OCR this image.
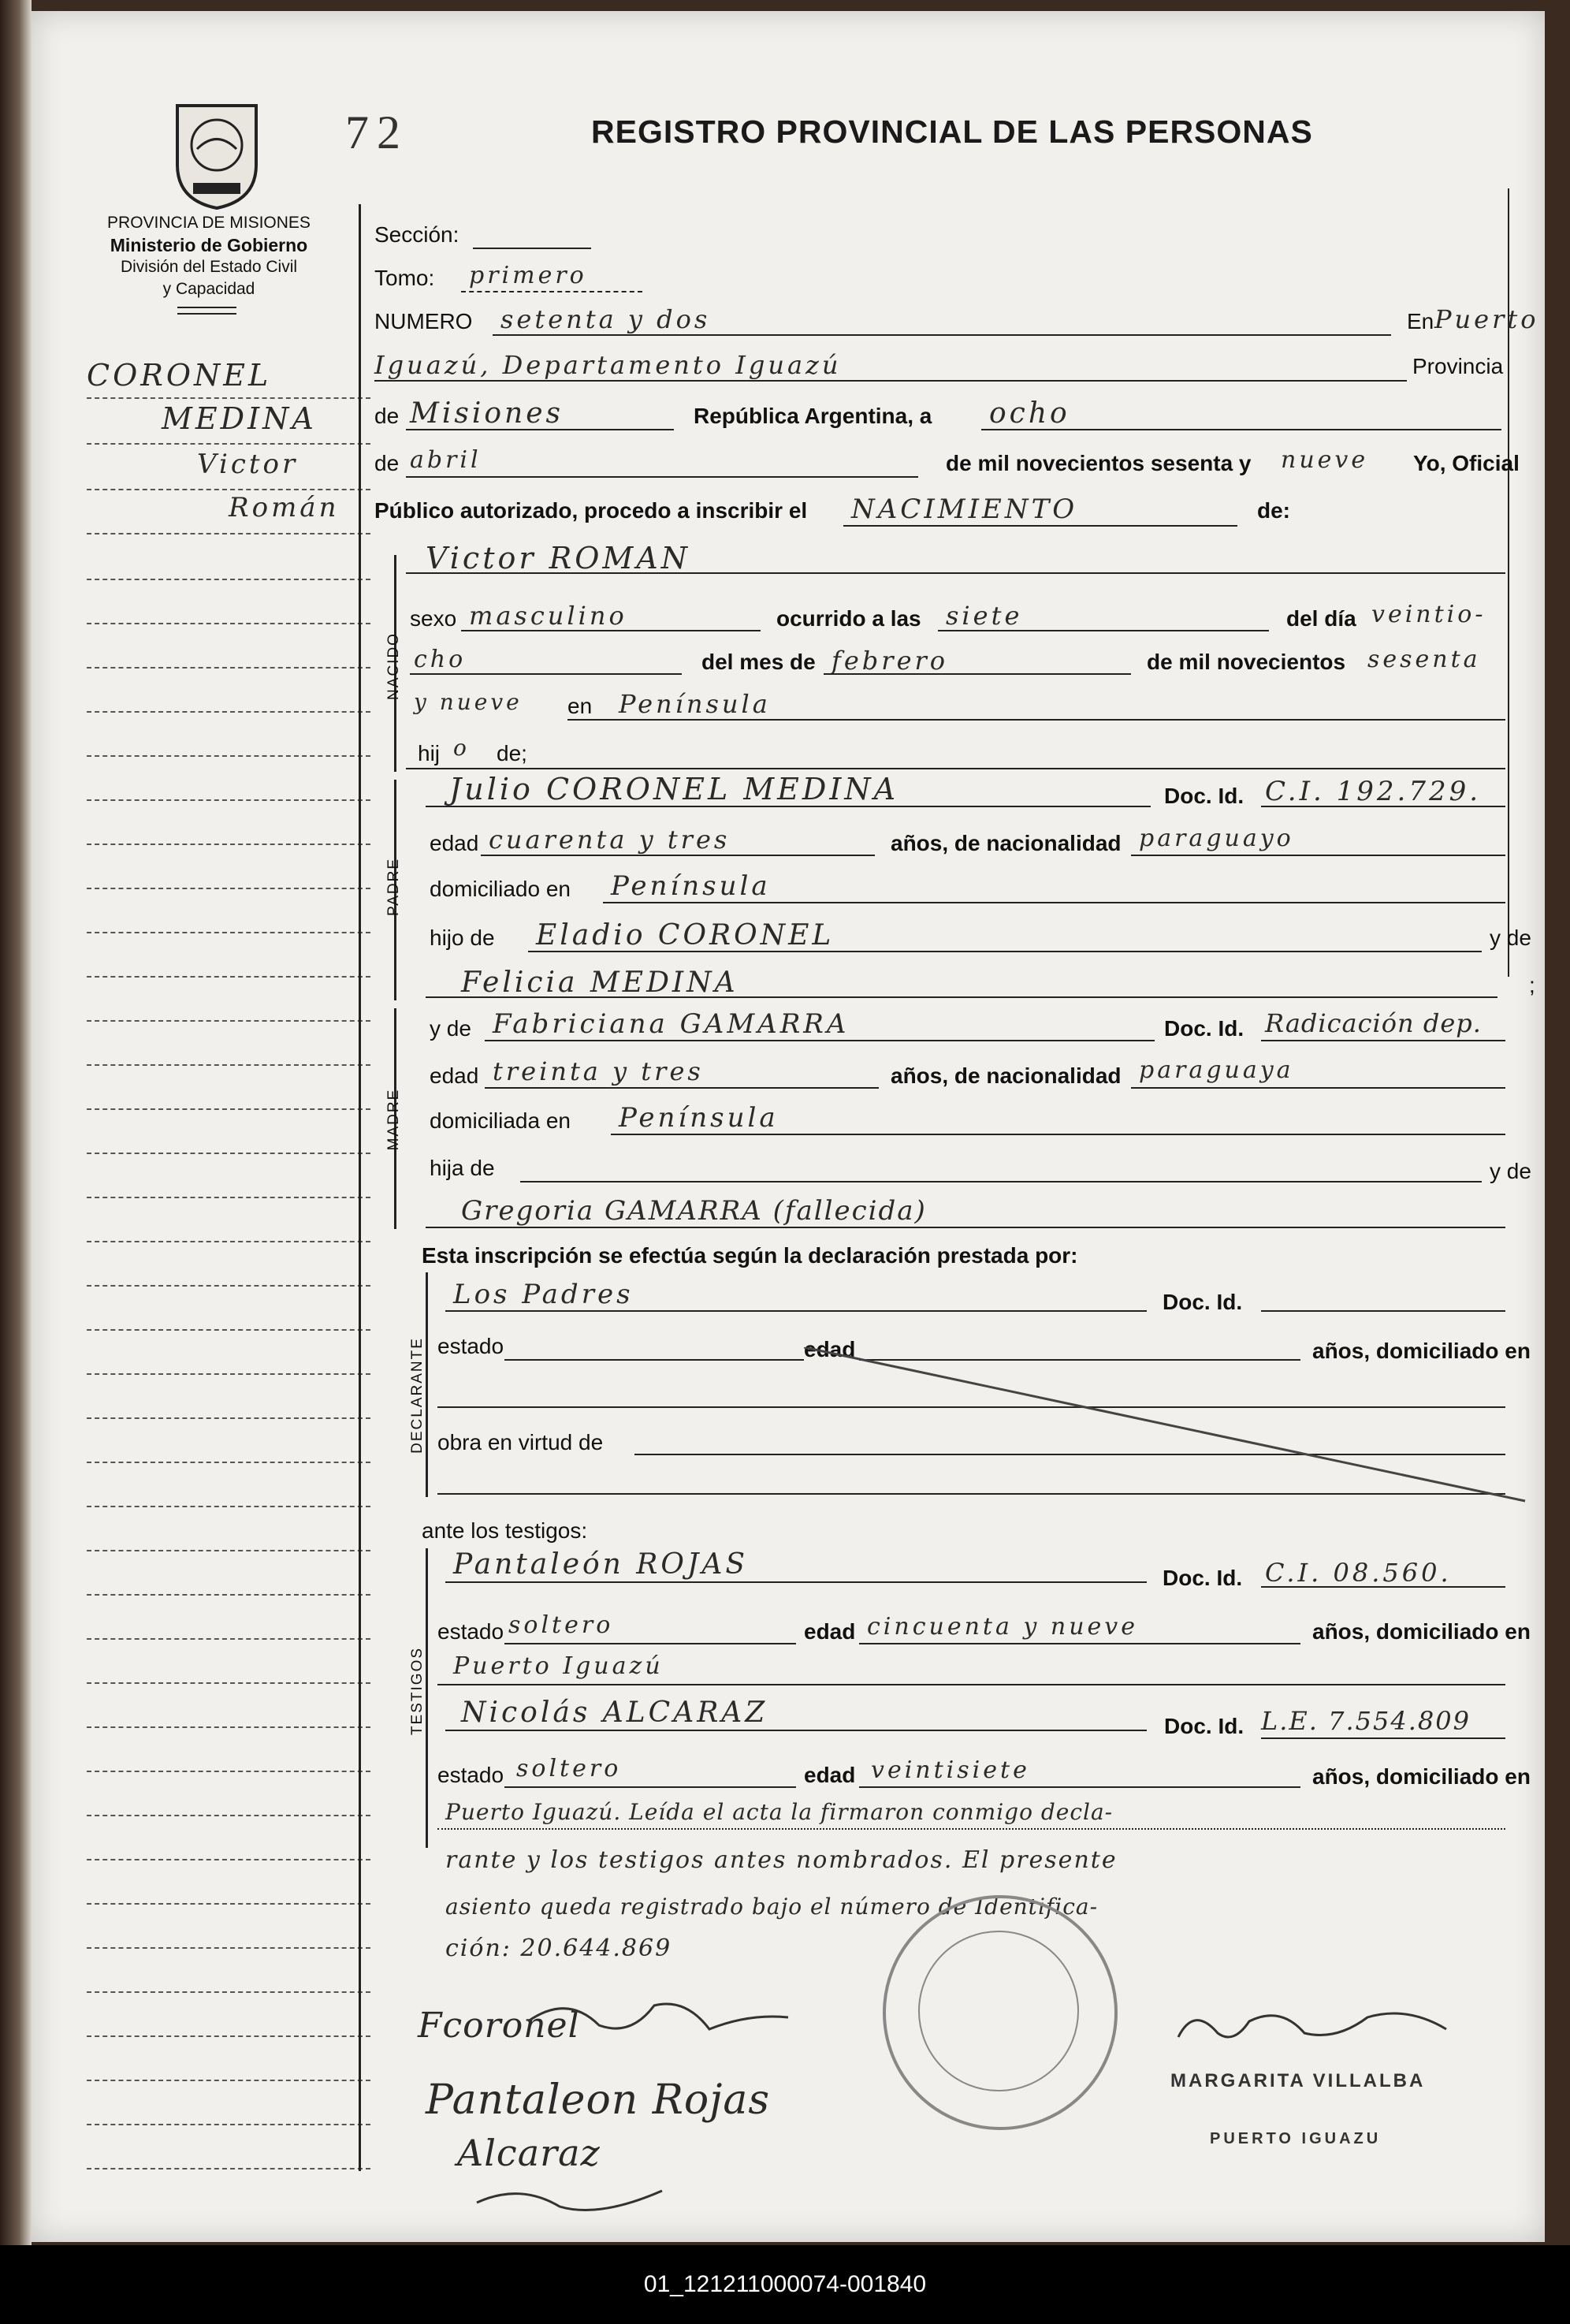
72	REGISTRO PROVINCIAL DE LAS PERSONAS
PROVINCIA DE MISIONES
Ministerio de Gobierno
División del Estado Civil
y Capacidad
CORONEL
MEDINA
Victor
Román
Sección:
Tomo: primero
NUMERO setenta y dos	En Puerto
Iguazú, Departamento Iguazú	Provincia
de Misiones	República Argentina, a ocho
de abril	de mil novecientos sesenta y nueve Yo, Oficial
Público autorizado, procedo a inscribir el NACIMIENTO	de:
NACIDO
Victor ROMAN
sexo masculino	ocurrido a las siete	del día veintio-
cho	del mes de febrero	de mil novecientos sesenta
y nueve en Península
hij o de;
PADRE
Julio CORONEL MEDINA	Doc. Id. C.I. 192.729.
edad cuarenta y tres	años, de nacionalidad paraguayo
domiciliado en Península
hijo de Eladio CORONEL	y de
Felicia MEDINA	;
MADRE
y de Fabriciana GAMARRA	Doc. Id. Radicación dep.
edad treinta y tres	años, de nacionalidad paraguaya
domiciliada en Península
hija de	y de
Gregoria GAMARRA (fallecida)
Esta inscripción se efectúa según la declaración prestada por:
DECLARANTE
Los Padres	Doc. Id.
estado	edad	años, domiciliado en
obra en virtud de
ante los testigos:
TESTIGOS
Pantaleón ROJAS	Doc. Id. C.I. 08.560.
estado soltero	edad cincuenta y nueve	años, domiciliado en
Puerto Iguazú
Nicolás ALCARAZ	Doc. Id. L.E. 7.554.809
estado soltero	edad veintisiete	años, domiciliado en
Puerto Iguazú. Leída el acta la firmaron conmigo decla-
rante y los testigos antes nombrados. El presente
asiento queda registrado bajo el número de Identifica-
ción: 20.644.869
Fcoronel
Pantaleon Rojas
Alcaraz
MARGARITA VILLALBA
PUERTO IGUAZU
01_121211000074-001840
